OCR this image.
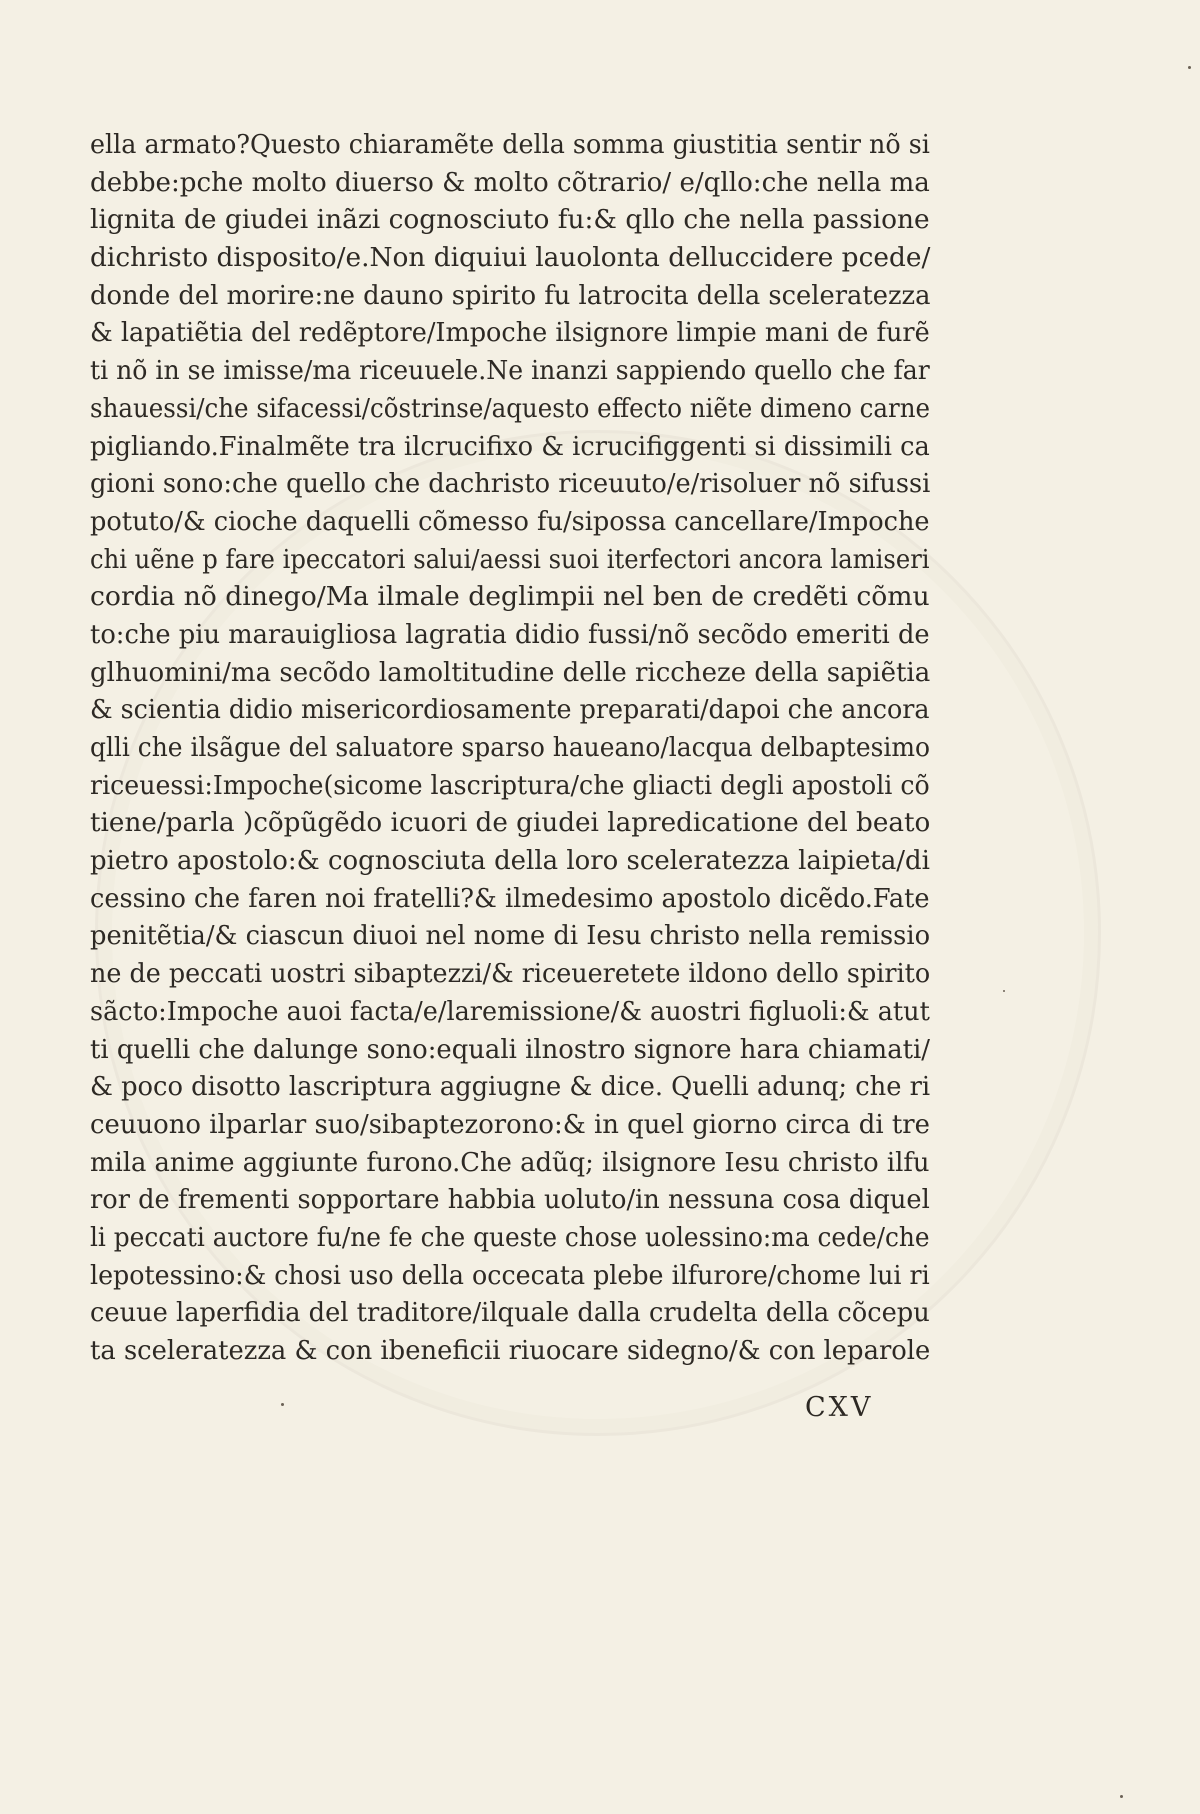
ella armato?Questo chiaramẽte della somma giustitia sentir nõ si
debbe:pche molto diuerso & molto cõtrario/ e/qllo:che nella ma
lignita de giudei inãzi cognosciuto fu:& qllo che nella passione
dichristo disposito/e.Non diquiui lauolonta delluccidere pcede/
donde del morire:ne dauno spirito fu latrocita della sceleratezza
& lapatiẽtia del redẽptore/Impoche ilsignore limpie mani de furẽ
ti nõ in se imisse/ma riceuuele.Ne inanzi sappiendo quello che far
shauessi/che sifacessi/cõstrinse/aquesto effecto niẽte dimeno carne
pigliando.Finalmẽte tra ilcrucifixo & icrucifiggenti si dissimili ca
gioni sono:che quello che dachristo riceuuto/e/risoluer nõ sifussi
potuto/& cioche daquelli cõmesso fu/sipossa cancellare/Impoche
chi uẽne p fare ipeccatori salui/aessi suoi iterfectori ancora lamiseri
cordia nõ dinego/Ma ilmale deglimpii nel ben de credẽti cõmu
to:che piu marauigliosa lagratia didio fussi/nõ secõdo emeriti de
glhuomini/ma secõdo lamoltitudine delle riccheze della sapiẽtia
& scientia didio misericordiosamente preparati/dapoi che ancora
qlli che ilsãgue del saluatore sparso haueano/lacqua delbaptesimo
riceuessi:Impoche(sicome lascriptura/che gliacti degli apostoli cõ
tiene/parla )cõpũgẽdo icuori de giudei lapredicatione del beato
pietro apostolo:& cognosciuta della loro sceleratezza laipieta/di
cessino che faren noi fratelli?& ilmedesimo apostolo dicẽdo.Fate
penitẽtia/& ciascun diuoi nel nome di Iesu christo nella remissio
ne de peccati uostri sibaptezzi/& riceueretete ildono dello spirito
sãcto:Impoche auoi facta/e/laremissione/& auostri figluoli:& atut
ti quelli che dalunge sono:equali ilnostro signore hara chiamati/
& poco disotto lascriptura aggiugne & dice. Quelli adunq; che ri
ceuuono ilparlar suo/sibaptezorono:& in quel giorno circa di tre
mila anime aggiunte furono.Che adũq; ilsignore Iesu christo ilfu
ror de frementi sopportare habbia uoluto/in nessuna cosa diquel
li peccati auctore fu/ne fe che queste chose uolessino:ma cede/che
lepotessino:& chosi uso della occecata plebe ilfurore/chome lui ri
ceuue laperfidia del traditore/ilquale dalla crudelta della cõcepu
ta sceleratezza & con ibeneficii riuocare sidegno/& con leparole
CXV
